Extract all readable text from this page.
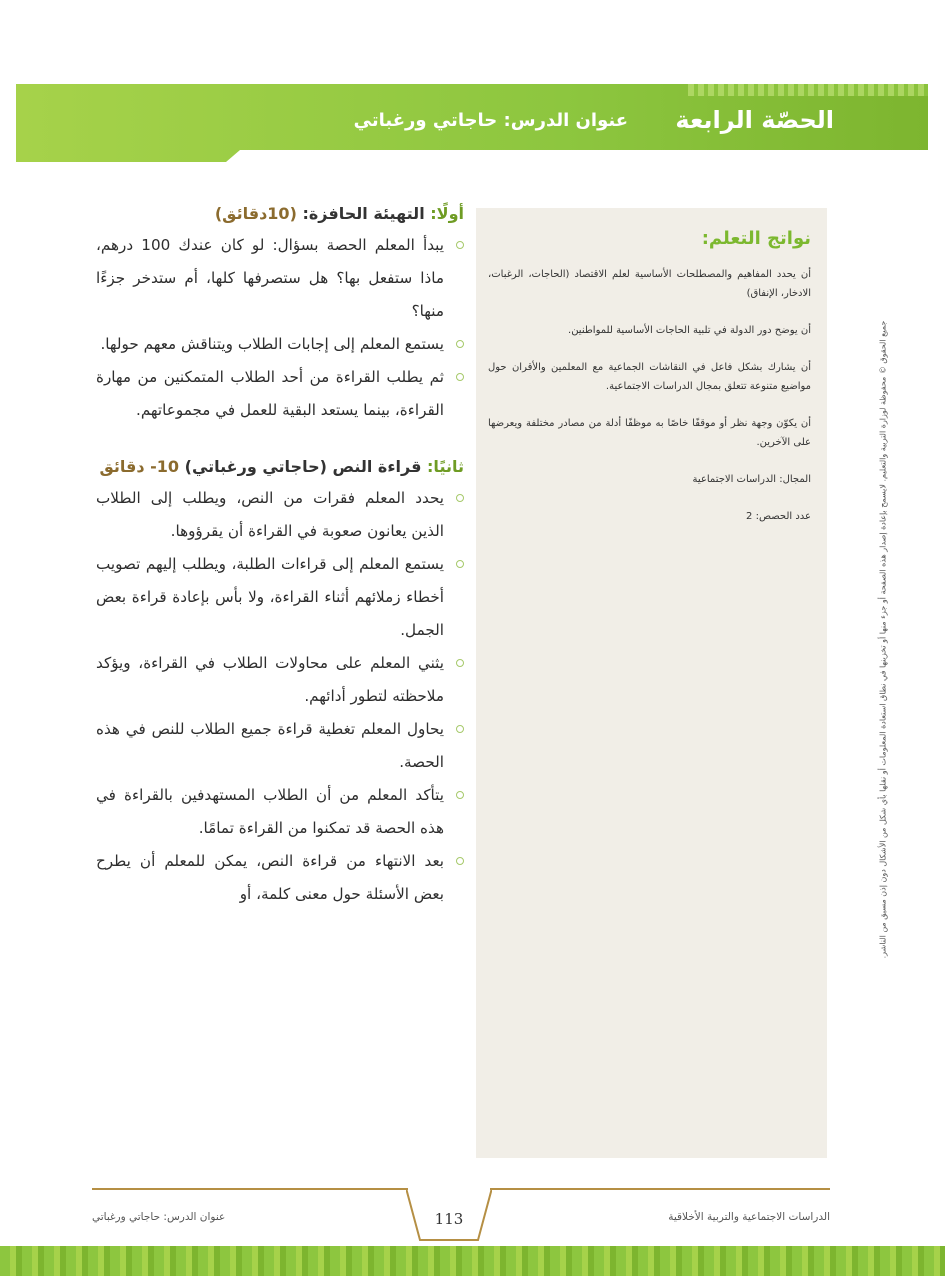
الحصّة الرابعة
عنوان الدرس: حاجاتي ورغباتي
جميع الحقوق © محفوظة لوزارة التربية والتعليم. لايسمح بإعادة إصدار هذه الصفحة أو جزء منها أو تخزينها في نطاق استعادة المعلومات أو نقلها بأي شكل من الأشكال دون إذن مسبق من الناشر.
نواتج التعلم:

أن يحدد المفاهيم والمصطلحات الأساسية لعلم الاقتصاد (الحاجات، الرغبات، الادخار، الإنفاق)

أن يوضح دور الدولة في تلبية الحاجات الأساسية للمواطنين.

أن يشارك بشكل فاعل في النقاشات الجماعية مع المعلمين والأقران حول مواضيع متنوعة تتعلق بمجال الدراسات الاجتماعية.

أن يكوّن وجهة نظر أو موقفًا خاصًا به موظفًا أدلة من مصادر مختلفة ويعرضها على الآخرين.

المجال: الدراسات الاجتماعية

عدد الحصص: 2

أولًا: التهيئة الحافزة: (10دقائق)
يبدأ المعلم الحصة بسؤال: لو كان عندك 100 درهم، ماذا ستفعل بها؟ هل ستصرفها كلها، أم ستدخر جزءًا منها؟
يستمع المعلم إلى إجابات الطلاب ويتناقش معهم حولها.
ثم يطلب القراءة من أحد الطلاب المتمكنين من مهارة القراءة، بينما يستعد البقية للعمل في مجموعاتهم.
ثانيًا: قراءة النص (حاجاتي ورغباتي) 10- دقائق
يحدد المعلم فقرات من النص، ويطلب إلى الطلاب الذين يعانون صعوبة في القراءة أن يقرؤوها.
يستمع المعلم إلى قراءات الطلبة، ويطلب إليهم تصويب أخطاء زملائهم أثناء القراءة، ولا بأس بإعادة قراءة بعض الجمل.
يثني المعلم على محاولات الطلاب في القراءة، ويؤكد ملاحظته لتطور أدائهم.
يحاول المعلم تغطية قراءة جميع الطلاب للنص في هذه الحصة.
يتأكد المعلم من أن الطلاب المستهدفين بالقراءة في هذه الحصة قد تمكنوا من القراءة تمامًا.
بعد الانتهاء من قراءة النص، يمكن للمعلم أن يطرح بعض الأسئلة حول معنى كلمة، أو
113	الدراسات الاجتماعية والتربية الأخلاقية
عنوان الدرس: حاجاتي ورغباتي
